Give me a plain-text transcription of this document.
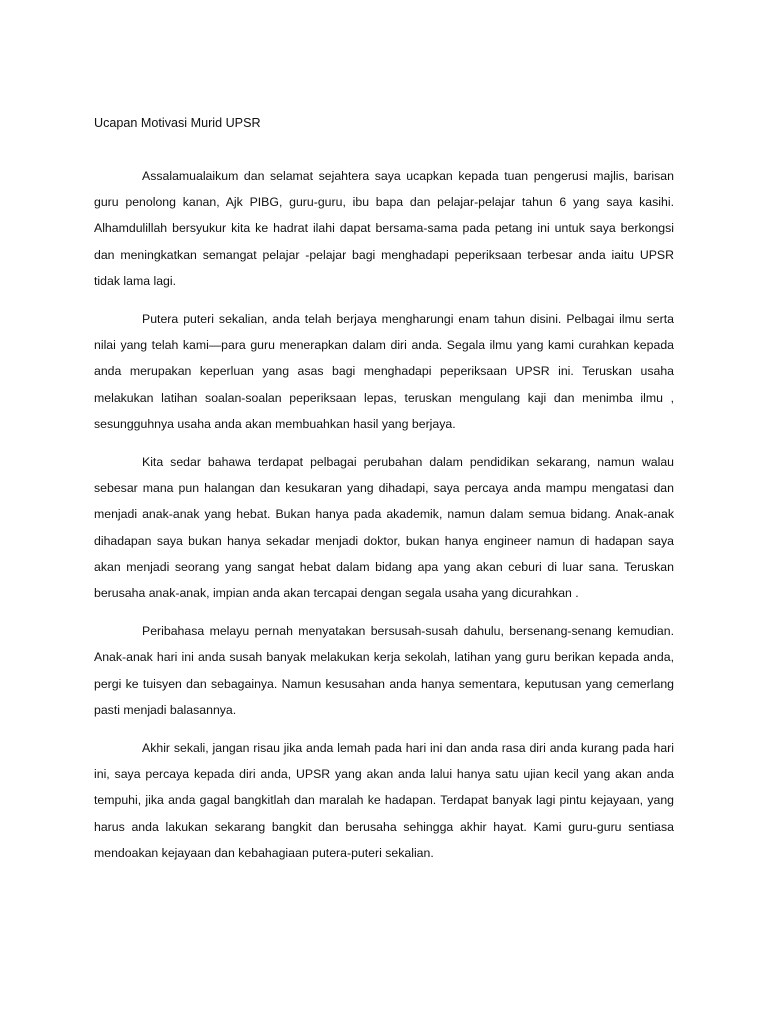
Ucapan Motivasi Murid UPSR

Assalamualaikum dan selamat sejahtera saya ucapkan kepada tuan pengerusi majlis, barisan guru penolong kanan, Ajk PIBG, guru-guru, ibu bapa dan pelajar-pelajar tahun 6 yang saya kasihi. Alhamdulillah bersyukur kita ke hadrat ilahi dapat bersama-sama pada petang ini untuk saya berkongsi dan meningkatkan semangat pelajar -pelajar bagi menghadapi peperiksaan terbesar anda iaitu UPSR tidak lama lagi.

Putera puteri sekalian, anda telah berjaya mengharungi enam tahun disini. Pelbagai ilmu serta nilai yang telah kami—para guru menerapkan dalam diri anda. Segala ilmu yang kami curahkan kepada anda merupakan keperluan yang asas bagi menghadapi peperiksaan UPSR ini. Teruskan usaha melakukan latihan soalan-soalan peperiksaan lepas, teruskan mengulang kaji dan menimba ilmu , sesungguhnya usaha anda akan membuahkan hasil yang berjaya.

Kita sedar bahawa terdapat pelbagai perubahan dalam pendidikan sekarang, namun walau sebesar mana pun halangan dan kesukaran yang dihadapi, saya percaya anda mampu mengatasi dan menjadi anak-anak yang hebat. Bukan hanya pada akademik, namun dalam semua bidang. Anak-anak dihadapan saya bukan hanya sekadar menjadi doktor, bukan hanya engineer namun di hadapan saya akan menjadi seorang yang sangat hebat dalam bidang apa yang akan ceburi di luar sana. Teruskan berusaha anak-anak, impian anda akan tercapai dengan segala usaha yang dicurahkan .

Peribahasa melayu pernah menyatakan bersusah-susah dahulu, bersenang-senang kemudian. Anak-anak hari ini anda susah banyak melakukan kerja sekolah, latihan yang guru berikan kepada anda, pergi ke tuisyen dan sebagainya. Namun kesusahan anda hanya sementara, keputusan yang cemerlang pasti menjadi balasannya.

Akhir sekali, jangan risau jika anda lemah pada hari ini dan anda rasa diri anda kurang pada hari ini, saya percaya kepada diri anda, UPSR yang akan anda lalui hanya satu ujian kecil yang akan anda tempuhi, jika anda gagal bangkitlah dan maralah ke hadapan. Terdapat banyak lagi pintu kejayaan, yang harus anda lakukan sekarang bangkit dan berusaha sehingga akhir hayat. Kami guru-guru sentiasa mendoakan kejayaan dan kebahagiaan putera-puteri sekalian.
